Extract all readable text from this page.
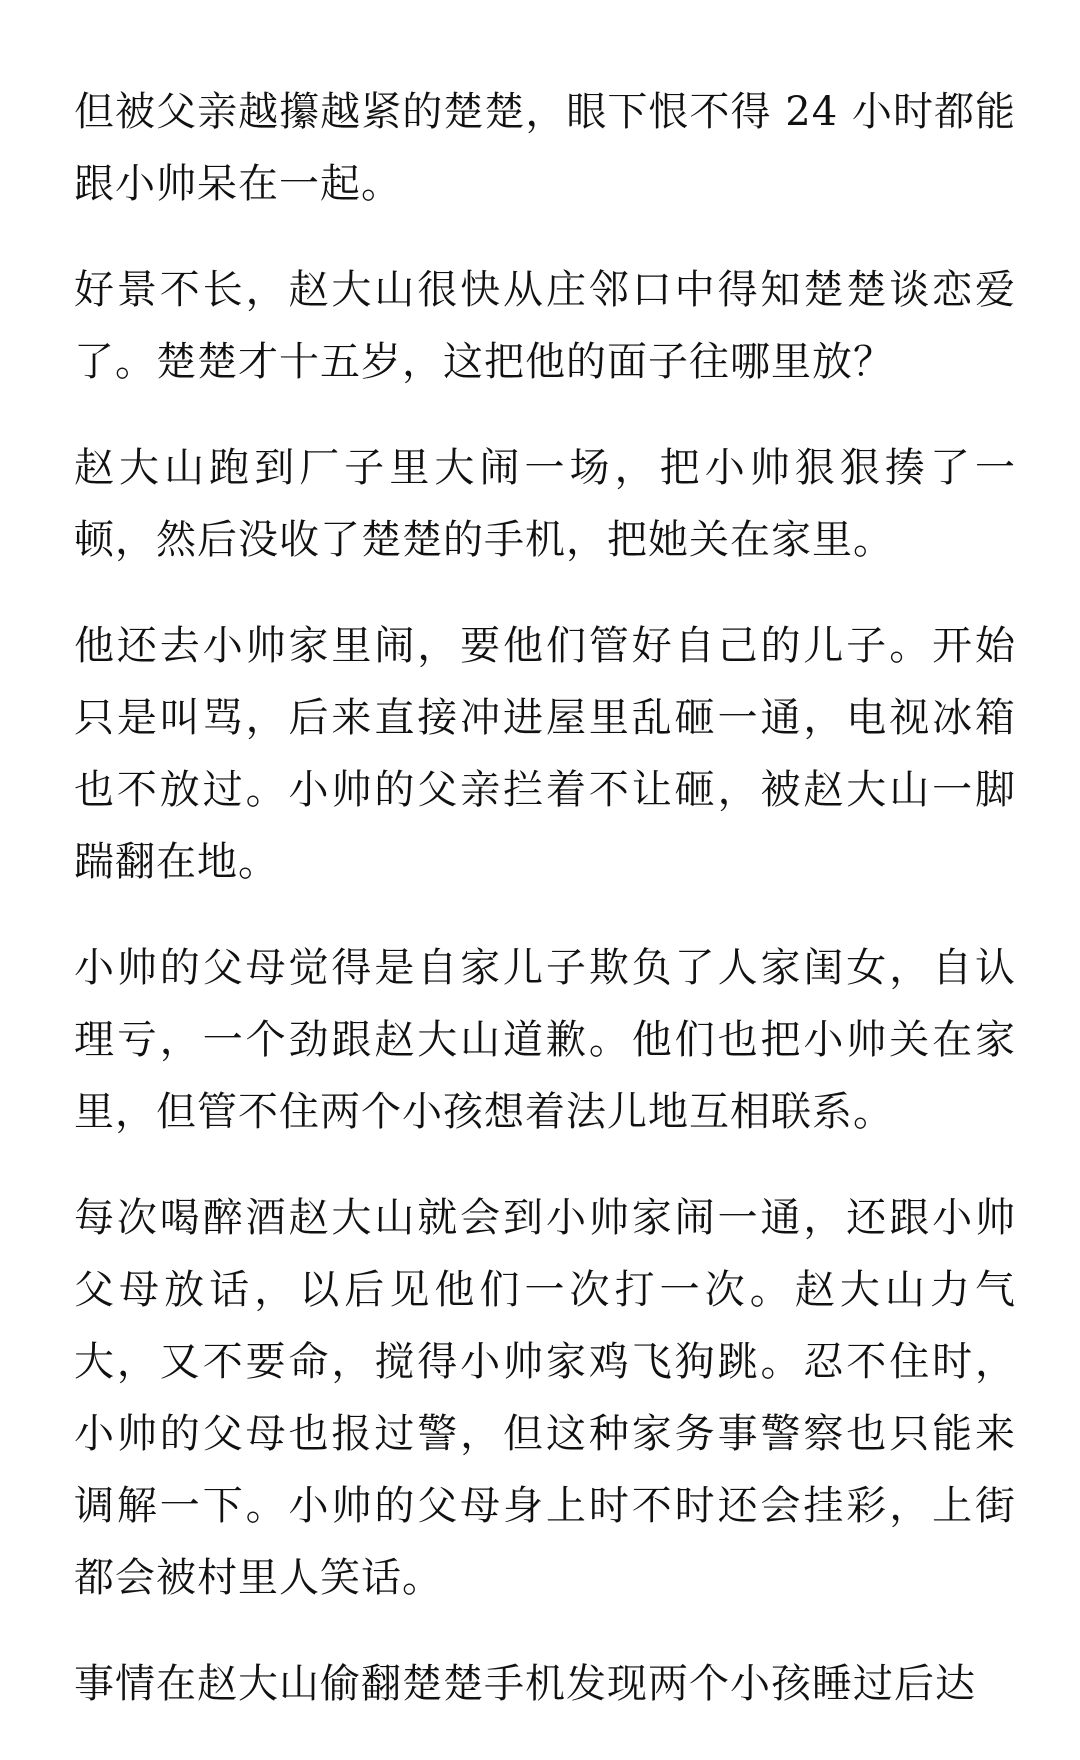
但被父亲越攥越紧的楚楚，眼下恨不得 24 小时都能跟小帅呆在一起。

好景不长，赵大山很快从庄邻口中得知楚楚谈恋爱了。楚楚才十五岁，这把他的面子往哪里放？

赵大山跑到厂子里大闹一场，把小帅狠狠揍了一顿，然后没收了楚楚的手机，把她关在家里。

他还去小帅家里闹，要他们管好自己的儿子。开始只是叫骂，后来直接冲进屋里乱砸一通，电视冰箱也不放过。小帅的父亲拦着不让砸，被赵大山一脚踹翻在地。

小帅的父母觉得是自家儿子欺负了人家闺女，自认理亏，一个劲跟赵大山道歉。他们也把小帅关在家里，但管不住两个小孩想着法儿地互相联系。

每次喝醉酒赵大山就会到小帅家闹一通，还跟小帅父母放话，以后见他们一次打一次。赵大山力气大，又不要命，搅得小帅家鸡飞狗跳。忍不住时，小帅的父母也报过警，但这种家务事警察也只能来调解一下。小帅的父母身上时不时还会挂彩，上街都会被村里人笑话。

事情在赵大山偷翻楚楚手机发现两个小孩睡过后达
